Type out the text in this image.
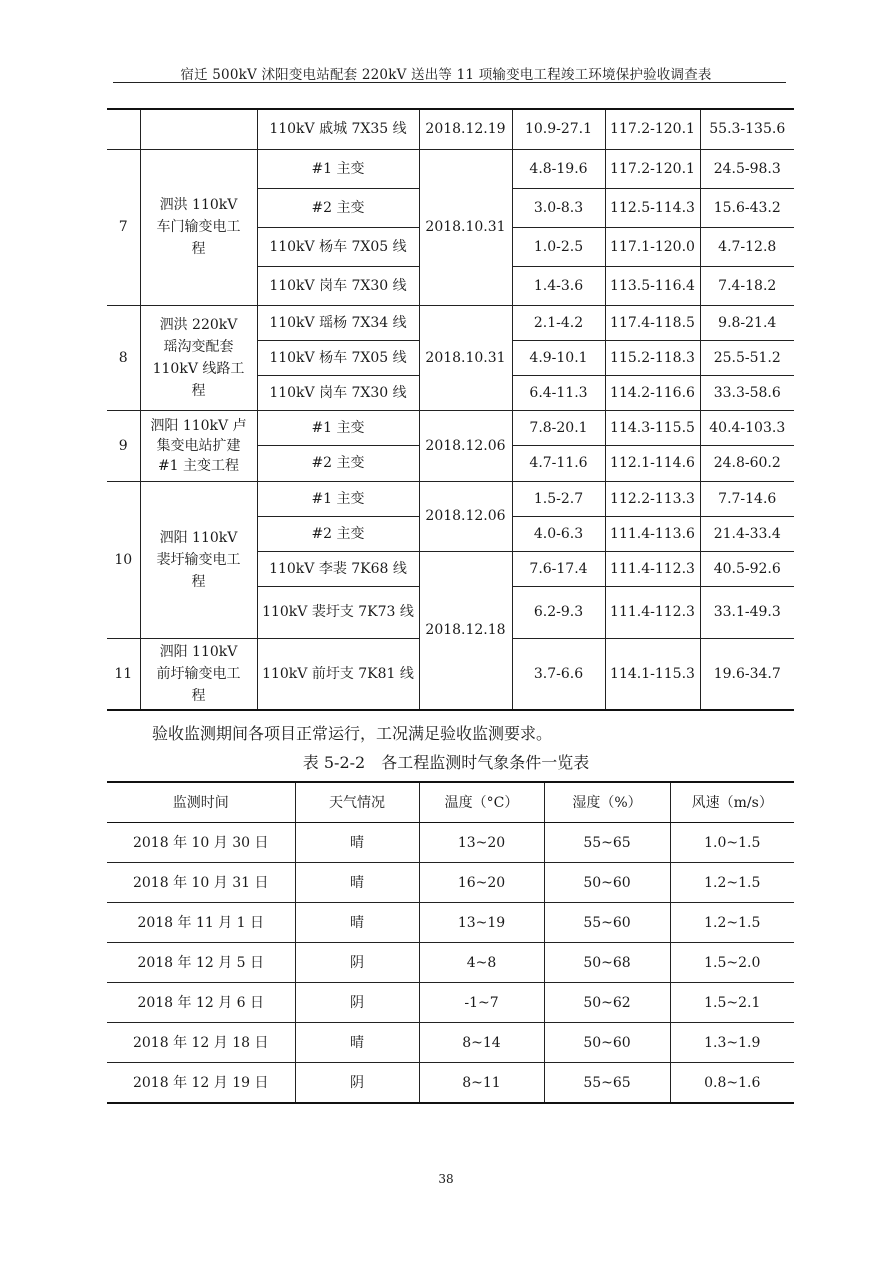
宿迁 500kV 沭阳变电站配套 220kV 送出等 11 项输变电工程竣工环境保护验收调查表
		110kV 戚城 7X35 线	2018.12.19	10.9-27.1	117.2-120.1	55.3-135.6
7	泗洪 110kV 车门输变电工程	#1 主变	2018.10.31	4.8-19.6	117.2-120.1	24.5-98.3
		#2 主变		3.0-8.3	112.5-114.3	15.6-43.2
		110kV 杨车 7X05 线		1.0-2.5	117.1-120.0	4.7-12.8
		110kV 岗车 7X30 线		1.4-3.6	113.5-116.4	7.4-18.2
8	泗洪 220kV 瑶沟变配套 110kV 线路工程	110kV 瑶杨 7X34 线	2018.10.31	2.1-4.2	117.4-118.5	9.8-21.4
		110kV 杨车 7X05 线		4.9-10.1	115.2-118.3	25.5-51.2
		110kV 岗车 7X30 线		6.4-11.3	114.2-116.6	33.3-58.6
9	泗阳 110kV 卢集变电站扩建 #1 主变工程	#1 主变	2018.12.06	7.8-20.1	114.3-115.5	40.4-103.3
		#2 主变		4.7-11.6	112.1-114.6	24.8-60.2
10	泗阳 110kV 裴圩输变电工程	#1 主变	2018.12.06	1.5-2.7	112.2-113.3	7.7-14.6
		#2 主变		4.0-6.3	111.4-113.6	21.4-33.4
		110kV 李裴 7K68 线	2018.12.18	7.6-17.4	111.4-112.3	40.5-92.6
		110kV 裴圩支 7K73 线		6.2-9.3	111.4-112.3	33.1-49.3
11	泗阳 110kV 前圩输变电工程	110kV 前圩支 7K81 线		3.7-6.6	114.1-115.3	19.6-34.7
验收监测期间各项目正常运行，工况满足验收监测要求。
表 5-2-2　各工程监测时气象条件一览表
监测时间	天气情况	温度（°C）	湿度（%）	风速（m/s）
2018 年 10 月 30 日	晴	13~20	55~65	1.0~1.5
2018 年 10 月 31 日	晴	16~20	50~60	1.2~1.5
2018 年 11 月 1 日	晴	13~19	55~60	1.2~1.5
2018 年 12 月 5 日	阴	4~8	50~68	1.5~2.0
2018 年 12 月 6 日	阴	-1~7	50~62	1.5~2.1
2018 年 12 月 18 日	晴	8~14	50~60	1.3~1.9
2018 年 12 月 19 日	阴	8~11	55~65	0.8~1.6
38
